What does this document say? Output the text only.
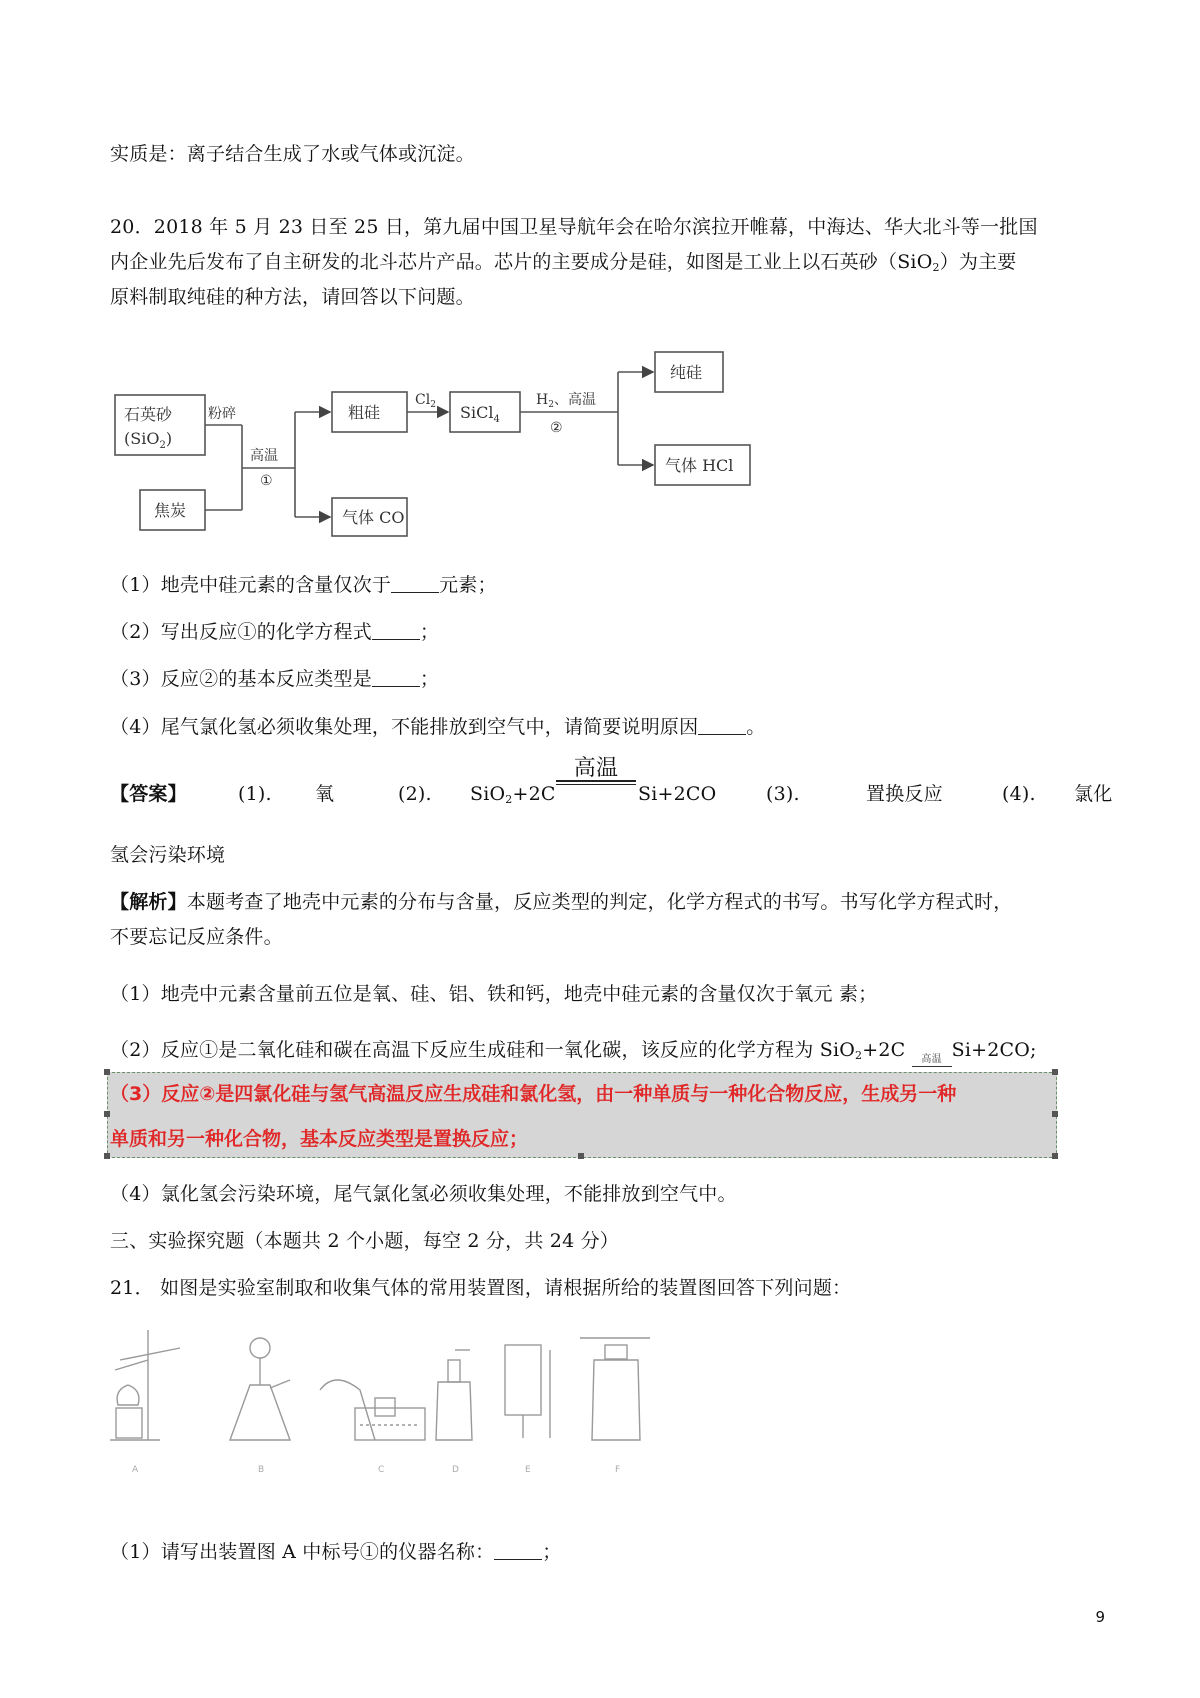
实质是：离子结合生成了水或气体或沉淀。
20．2018 年 5 月 23 日至 25 日，第九届中国卫星导航年会在哈尔滨拉开帷幕，中海达、华大北斗等一批国
内企业先后发布了自主研发的北斗芯片产品。芯片的主要成分是硅，如图是工业上以石英砂（SiO$_2$）为主要
原料制取纯硅的种方法，请回答以下问题。
石英砂
(SiO$_2$)
焦炭
粉碎
高温
①
粗硅
$Cl_2$ SiCl$_4$
$H_2$、高温
②
纯硅
气体 HCl
气体 CO
（1）地壳中硅元素的含量仅次于	元素；
（2）写出反应①的化学方程式	；
（3）反应②的基本反应类型是	；
（4）尾气氯化氢必须收集处理，不能排放到空气中，请简要说明原因	。
【答案】	(1). 氧	(2). SiO$_2$+2C
高温
Si+2CO	(3).	置换反应	(4). 氯化
氢会污染环境
【解析】本题考查了地壳中元素的分布与含量，反应类型的判定，化学方程式的书写。书写化学方程式时，
不要忘记反应条件。
（1）地壳中元素含量前五位是氧、硅、铝、铁和钙，地壳中硅元素的含量仅次于氧元 素；
（2）反应①是二氧化硅和碳在高温下反应生成硅和一氧化碳，该反应的化学方程为 SiO$_2$+2C	高温 Si+2CO;
（3）反应②是四氯化硅与氢气高温反应生成硅和氯化氢，由一种单质与一种化合物反应，生成另一种
单质和另一种化合物，基本反应类型是置换反应；
（4）氯化氢会污染环境，尾气氯化氢必须收集处理，不能排放到空气中。
三、实验探究题（本题共 2 个小题，每空 2 分，共 24 分）
21． 如图是实验室制取和收集气体的常用装置图，请根据所给的装置图回答下列问题：
A	B	C	D	E	F
（1）请写出装置图 A 中标号①的仪器名称：	；
9
